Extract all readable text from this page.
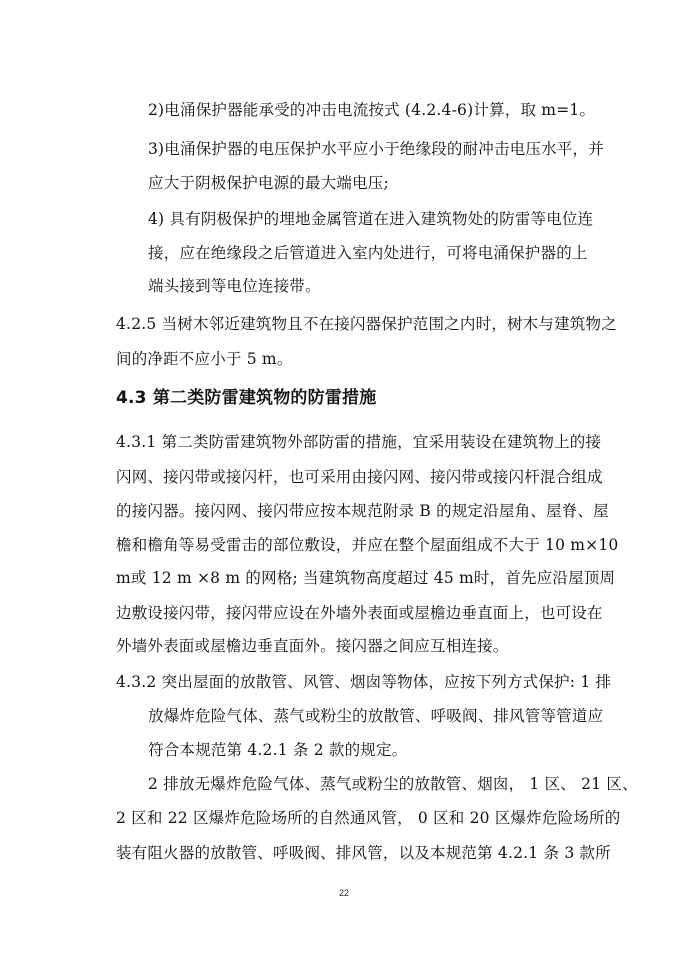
2)电涌保护器能承受的冲击电流按式 (4.2.4-6)计算，取 m=1。
3)电涌保护器的电压保护水平应小于绝缘段的耐冲击电压水平，并
应大于阴极保护电源的最大端电压;
4) 具有阴极保护的埋地金属管道在进入建筑物处的防雷等电位连
接，应在绝缘段之后管道进入室内处进行，可将电涌保护器的上
端头接到等电位连接带。
4.2.5 当树木邻近建筑物且不在接闪器保护范围之内时，树木与建筑物之
间的净距不应小于 5 m。
4.3 第二类防雷建筑物的防雷措施
4.3.1 第二类防雷建筑物外部防雷的措施，宜采用装设在建筑物上的接
闪网、接闪带或接闪杆，也可采用由接闪网、接闪带或接闪杆混合组成
的接闪器。接闪网、接闪带应按本规范附录 B 的规定沿屋角、屋脊、屋
檐和檐角等易受雷击的部位敷设，并应在整个屋面组成不大于 10 m×10
m或 12 m ×8 m 的网格; 当建筑物高度超过 45 m时，首先应沿屋顶周
边敷设接闪带，接闪带应设在外墙外表面或屋檐边垂直面上，也可设在
外墙外表面或屋檐边垂直面外。接闪器之间应互相连接。
4.3.2 突出屋面的放散管、风管、烟囱等物体，应按下列方式保护: 1 排
放爆炸危险气体、蒸气或粉尘的放散管、呼吸阀、排风管等管道应
符合本规范第 4.2.1 条 2 款的规定。
2 排放无爆炸危险气体、蒸气或粉尘的放散管、烟囱， 1 区、 21 区、
2 区和 22 区爆炸危险场所的自然通风管， 0 区和 20 区爆炸危险场所的
装有阻火器的放散管、呼吸阀、排风管，以及本规范第 4.2.1 条 3 款所
22
